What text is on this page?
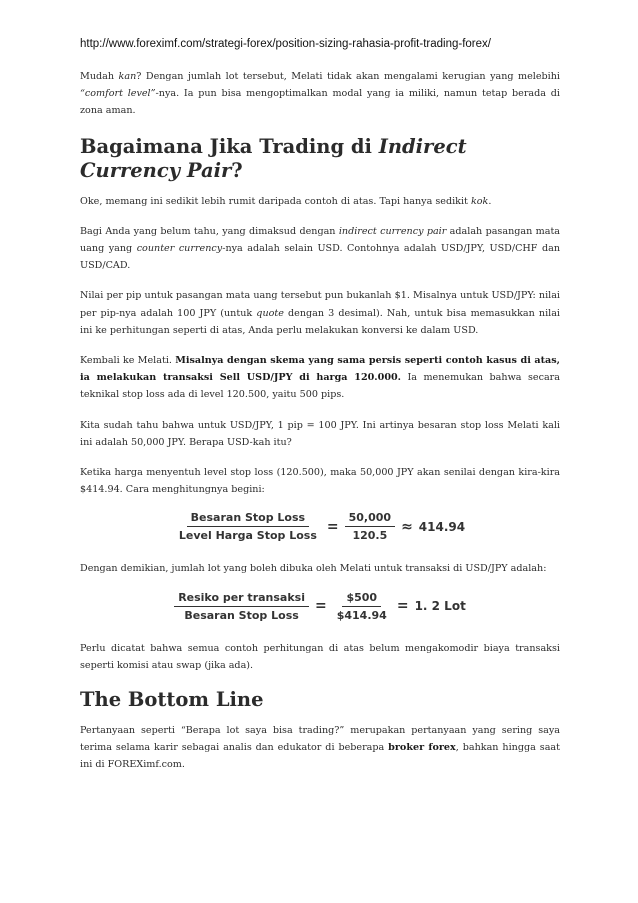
http://www.foreximf.com/strategi-forex/position-sizing-rahasia-profit-trading-forex/

Mudah kan? Dengan jumlah lot tersebut, Melati tidak akan mengalami kerugian yang melebihi “comfort level”-nya. Ia pun bisa mengoptimalkan modal yang ia miliki, namun tetap berada di zona aman.

Bagaimana Jika Trading di Indirect Currency Pair?

Oke, memang ini sedikit lebih rumit daripada contoh di atas. Tapi hanya sedikit kok.

Bagi Anda yang belum tahu, yang dimaksud dengan indirect currency pair adalah pasangan mata uang yang counter currency-nya adalah selain USD. Contohnya adalah USD/JPY, USD/CHF dan USD/CAD.

Nilai per pip untuk pasangan mata uang tersebut pun bukanlah $1. Misalnya untuk USD/JPY: nilai per pip-nya adalah 100 JPY (untuk quote dengan 3 desimal). Nah, untuk bisa memasukkan nilai ini ke perhitungan seperti di atas, Anda perlu melakukan konversi ke dalam USD.

Kembali ke Melati. Misalnya dengan skema yang sama persis seperti contoh kasus di atas, ia melakukan transaksi Sell USD/JPY di harga 120.000. Ia menemukan bahwa secara teknikal stop loss ada di level 120.500, yaitu 500 pips.

Kita sudah tahu bahwa untuk USD/JPY, 1 pip = 100 JPY. Ini artinya besaran stop loss Melati kali ini adalah 50,000 JPY. Berapa USD-kah itu?

Ketika harga menyentuh level stop loss (120.500), maka 50,000 JPY akan senilai dengan kira-kira $414.94. Cara menghitungnya begini:

$\frac{\text{Besaran Stop Loss}}{\text{Level Harga Stop Loss}} = \frac{50,000}{120.5} \approx 414.94$

Dengan demikian, jumlah lot yang boleh dibuka oleh Melati untuk transaksi di USD/JPY adalah:

$\frac{\text{Resiko per transaksi}}{\text{Besaran Stop Loss}} = \frac{\$500}{\$414.94} = 1$. 2 Lot

Perlu dicatat bahwa semua contoh perhitungan di atas belum mengakomodir biaya transaksi seperti komisi atau swap (jika ada).

The Bottom Line

Pertanyaan seperti “Berapa lot saya bisa trading?” merupakan pertanyaan yang sering saya terima selama karir sebagai analis dan edukator di beberapa broker forex, bahkan hingga saat ini di FOREXimf.com.
